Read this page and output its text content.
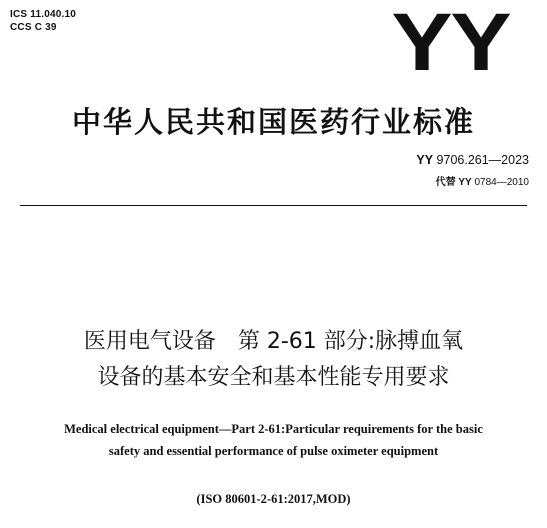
ICS 11.040.10
CCS C 39	YY
中华人民共和国医药行业标准
YY 9706.261—2023
代替 YY 0784—2010
医用电气设备　第 2-61 部分:脉搏血氧
设备的基本安全和基本性能专用要求
Medical electrical equipment—Part 2-61:Particular requirements for the basic
safety and essential performance of pulse oximeter equipment
(ISO 80601-2-61:2017,MOD)
